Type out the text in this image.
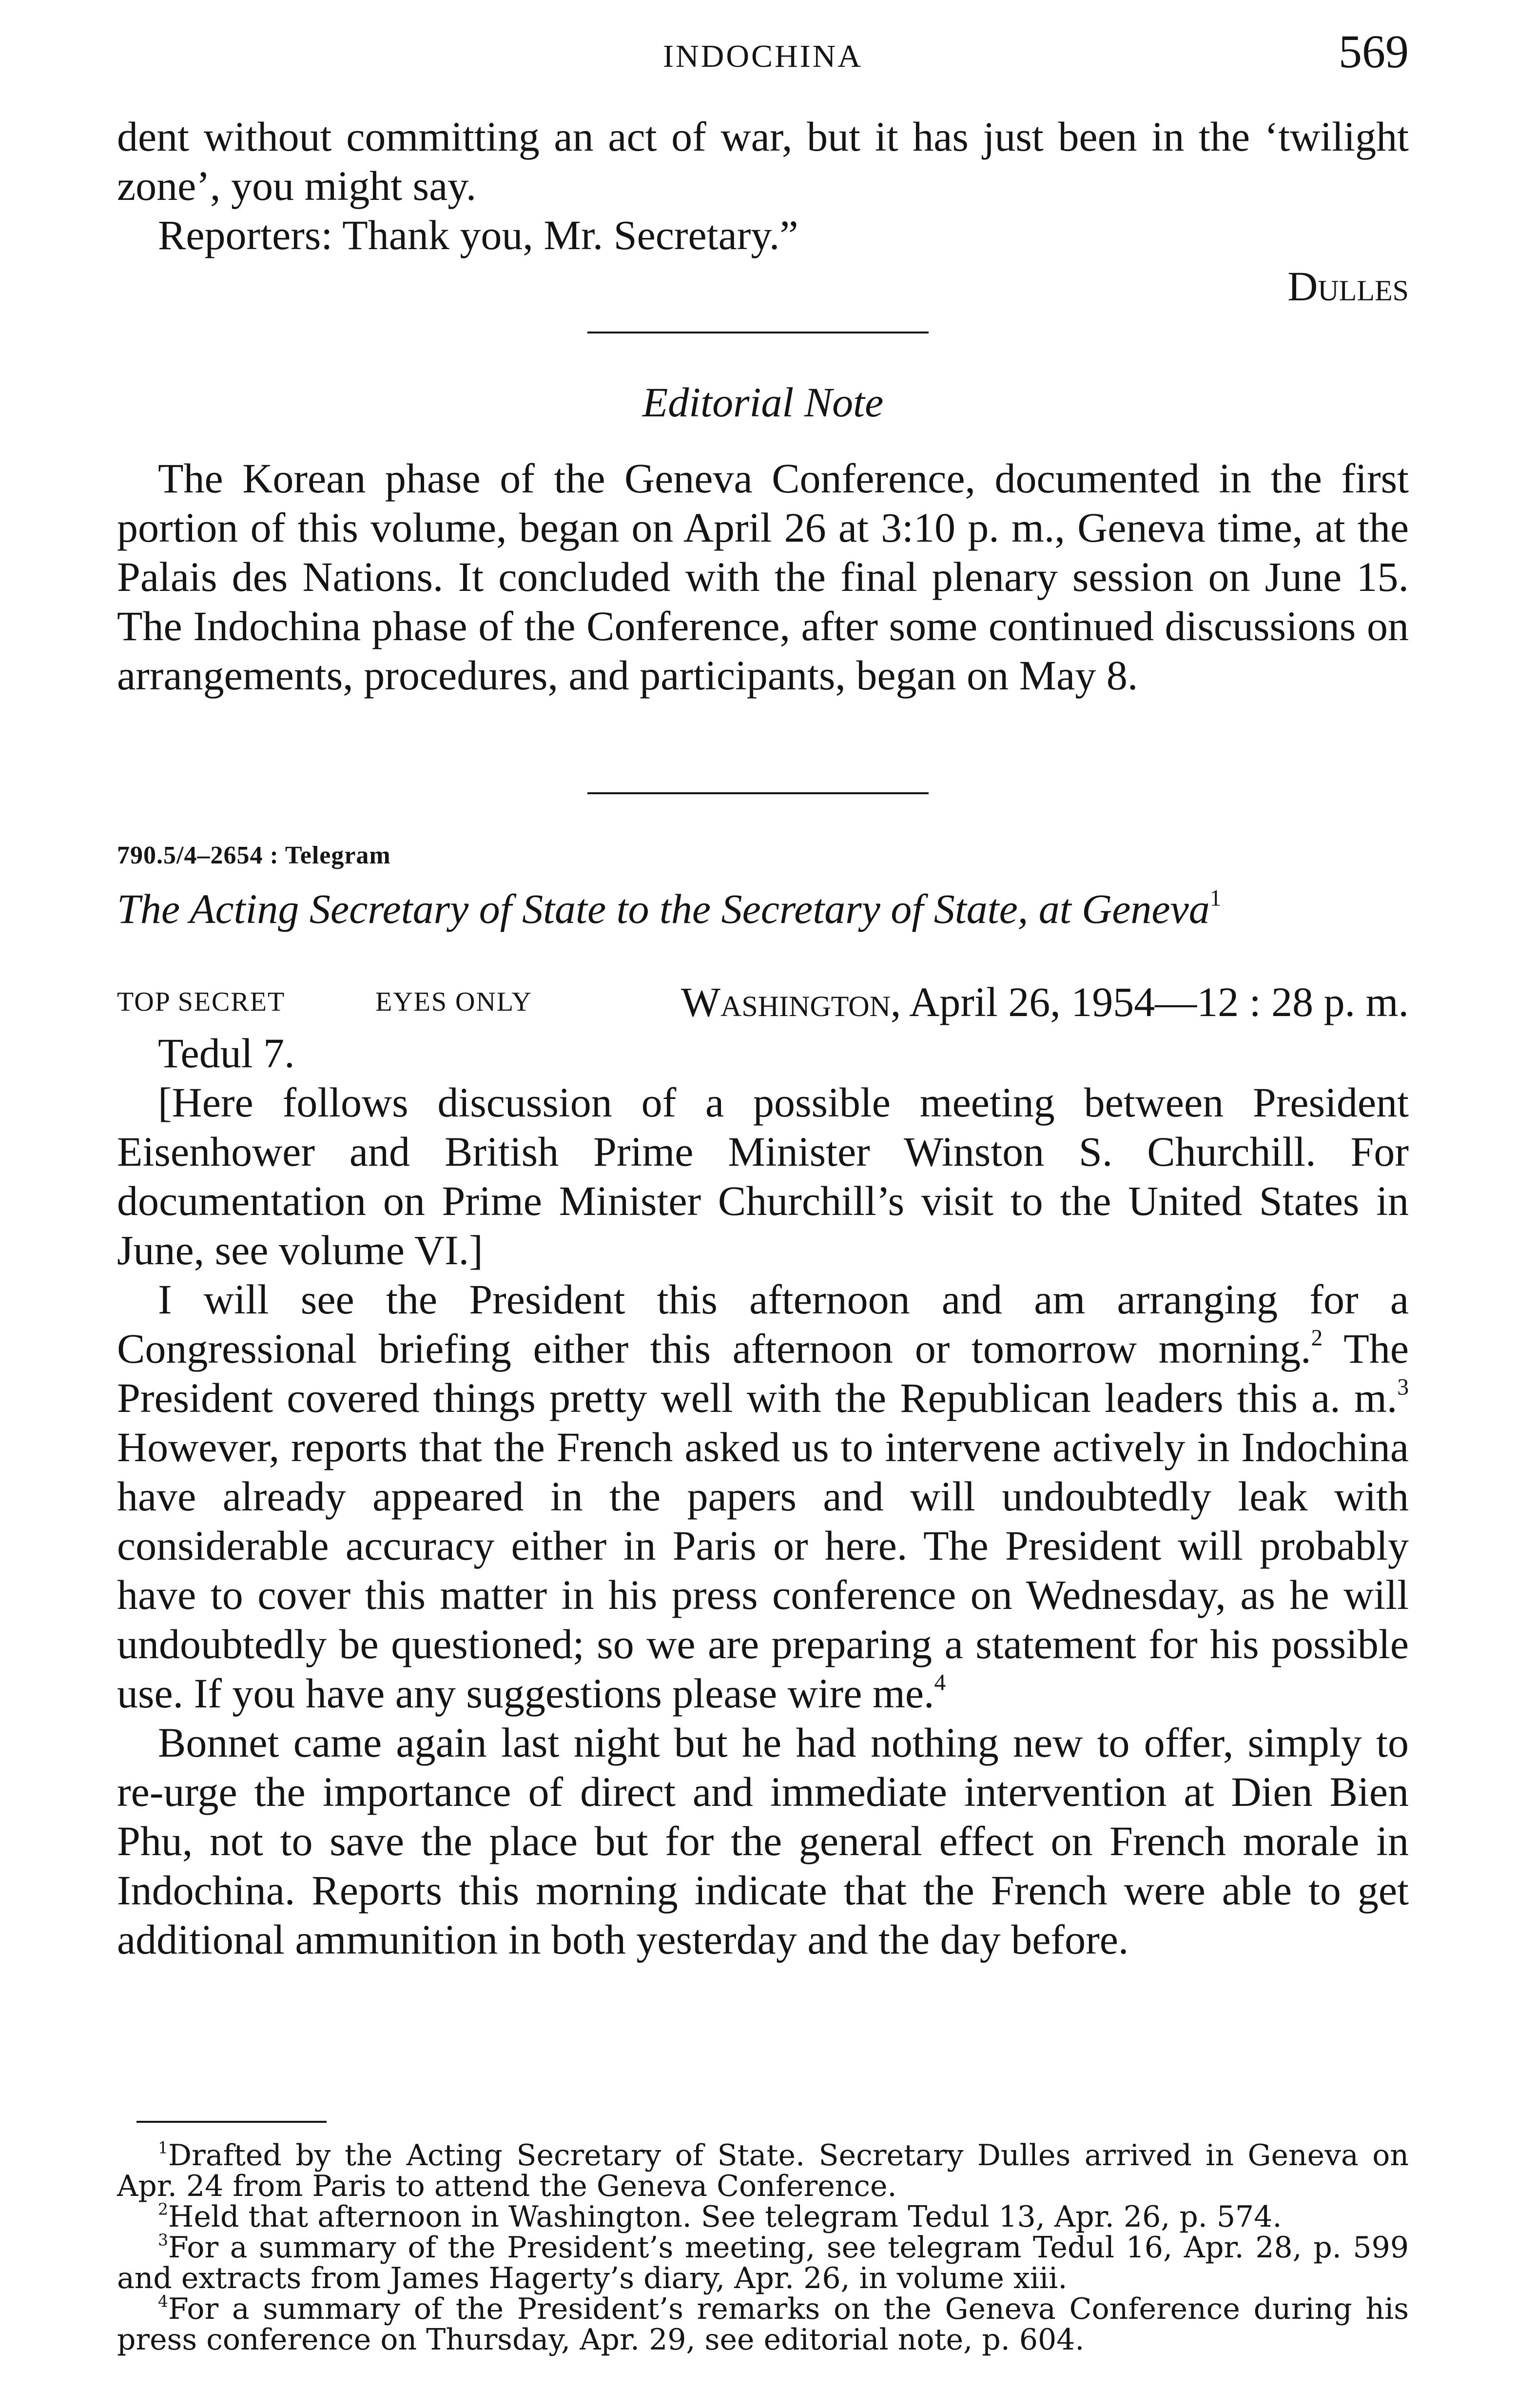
INDOCHINA	569

dent without committing an act of war, but it has just been in the ‘twilight zone’, you might say.

Reporters: Thank you, Mr. Secretary.”

Dulles

Editorial Note

The Korean phase of the Geneva Conference, documented in the first portion of this volume, began on April 26 at 3:10 p. m., Geneva time, at the Palais des Nations. It concluded with the final plenary session on June 15. The Indochina phase of the Conference, after some continued discussions on arrangements, procedures, and participants, began on May 8.

790.5/4–2654 : Telegram

The Acting Secretary of State to the Secretary of State, at Geneva$^1$

TOP SECRET	EYES ONLY	Washington, April 26, 1954—12 : 28 p. m.

Tedul 7.

[Here follows discussion of a possible meeting between President Eisenhower and British Prime Minister Winston S. Churchill. For documentation on Prime Minister Churchill’s visit to the United States in June, see volume VI.]

I will see the President this afternoon and am arranging for a Congressional briefing either this afternoon or tomorrow morning.$^2$ The President covered things pretty well with the Republican leaders this a. m.$^3$ However, reports that the French asked us to intervene actively in Indochina have already appeared in the papers and will undoubtedly leak with considerable accuracy either in Paris or here. The President will probably have to cover this matter in his press conference on Wednesday, as he will undoubtedly be questioned; so we are preparing a statement for his possible use. If you have any suggestions please wire me.$^4$

Bonnet came again last night but he had nothing new to offer, simply to re-urge the importance of direct and immediate intervention at Dien Bien Phu, not to save the place but for the general effect on French morale in Indochina. Reports this morning indicate that the French were able to get additional ammunition in both yesterday and the day before.

$^1$Drafted by the Acting Secretary of State. Secretary Dulles arrived in Geneva on Apr. 24 from Paris to attend the Geneva Conference.

$^2$Held that afternoon in Washington. See telegram Tedul 13, Apr. 26, p. 574.

$^3$For a summary of the President’s meeting, see telegram Tedul 16, Apr. 28, p. 599 and extracts from James Hagerty’s diary, Apr. 26, in volume xiii.

$^4$For a summary of the President’s remarks on the Geneva Conference during his press conference on Thursday, Apr. 29, see editorial note, p. 604.
